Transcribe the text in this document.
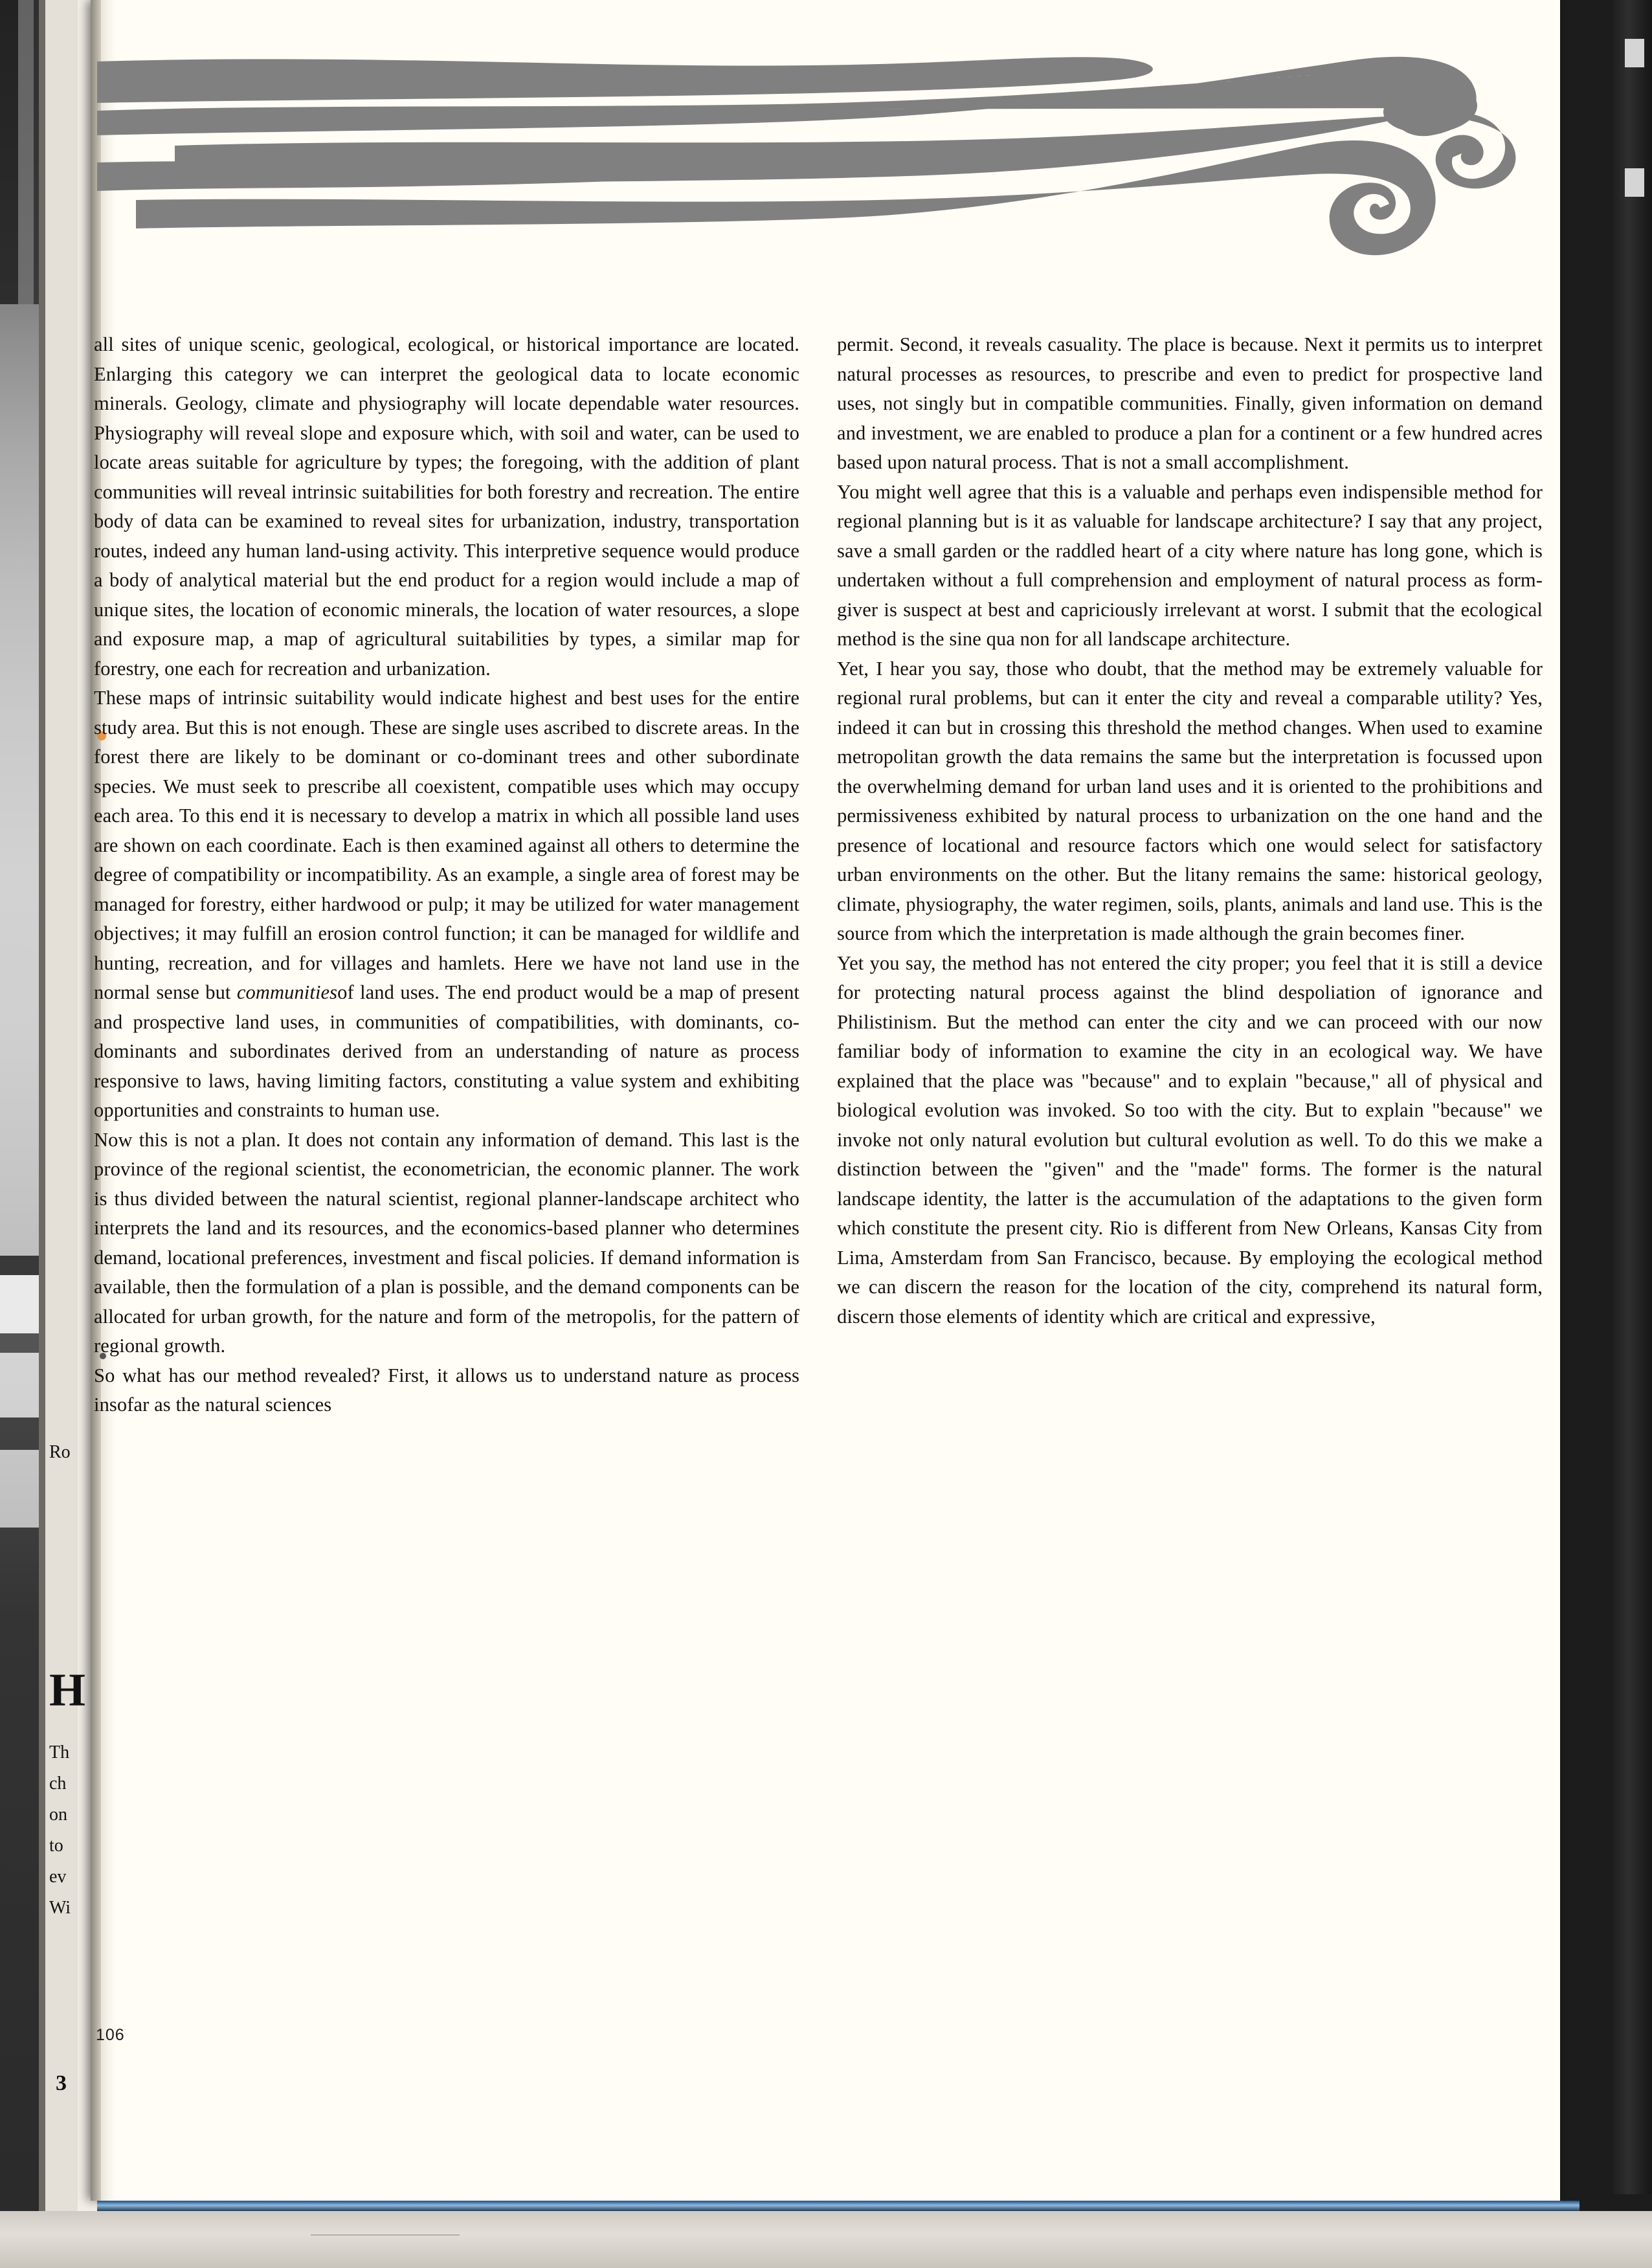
Ro
H
Th
ch
on
to
ev
Wi
3

all sites of unique scenic, geological, ecological, or historical importance are located. Enlarging this category we can interpret the geological data to locate economic minerals. Geology, climate and physiography will locate dependable water resources. Physiography will reveal slope and exposure which, with soil and water, can be used to locate areas suitable for agriculture by types; the foregoing, with the addition of plant communities will reveal intrinsic suitabilities for both forestry and recreation. The entire body of data can be examined to reveal sites for urbanization, industry, transportation routes, indeed any human land-using activity. This interpretive sequence would produce a body of analytical material but the end product for a region would include a map of unique sites, the location of economic minerals, the location of water resources, a slope and exposure map, a map of agricultural suitabilities by types, a similar map for forestry, one each for recreation and urbanization.

These maps of intrinsic suitability would indicate highest and best uses for the entire study area. But this is not enough. These are single uses ascribed to discrete areas. In the forest there are likely to be dominant or co-dominant trees and other subordinate species. We must seek to prescribe all coexistent, compatible uses which may occupy each area. To this end it is necessary to develop a matrix in which all possible land uses are shown on each coordinate. Each is then examined against all others to determine the degree of compatibility or incompatibility. As an example, a single area of forest may be managed for forestry, either hardwood or pulp; it may be utilized for water management objectives; it may fulfill an erosion control function; it can be managed for wildlife and hunting, recreation, and for villages and hamlets. Here we have not land use in the normal sense but communitiesof land uses. The end product would be a map of present and prospective land uses, in communities of compatibilities, with dominants, co-dominants and subordinates derived from an understanding of nature as process responsive to laws, having limiting factors, constituting a value system and exhibiting opportunities and constraints to human use.

Now this is not a plan. It does not contain any information of demand. This last is the province of the regional scientist, the econometrician, the economic planner. The work is thus divided between the natural scientist, regional planner-landscape architect who interprets the land and its resources, and the economics-based planner who determines demand, locational preferences, investment and fiscal policies. If demand information is available, then the formulation of a plan is possible, and the demand components can be allocated for urban growth, for the nature and form of the metropolis, for the pattern of regional growth.

So what has our method revealed? First, it allows us to understand nature as process insofar as the natural sciences

permit. Second, it reveals casuality. The place is because. Next it permits us to interpret natural processes as resources, to prescribe and even to predict for prospective land uses, not singly but in compatible communities. Finally, given information on demand and investment, we are enabled to produce a plan for a continent or a few hundred acres based upon natural process. That is not a small accomplishment.

You might well agree that this is a valuable and perhaps even indispensible method for regional planning but is it as valuable for landscape architecture? I say that any project, save a small garden or the raddled heart of a city where nature has long gone, which is undertaken without a full comprehension and employment of natural process as form-giver is suspect at best and capriciously irrelevant at worst. I submit that the ecological method is the sine qua non for all landscape architecture.

Yet, I hear you say, those who doubt, that the method may be extremely valuable for regional rural problems, but can it enter the city and reveal a comparable utility? Yes, indeed it can but in crossing this threshold the method changes. When used to examine metropolitan growth the data remains the same but the interpretation is focussed upon the overwhelming demand for urban land uses and it is oriented to the prohibitions and permissiveness exhibited by natural process to urbanization on the one hand and the presence of locational and resource factors which one would select for satisfactory urban environments on the other. But the litany remains the same: historical geology, climate, physiography, the water regimen, soils, plants, animals and land use. This is the source from which the interpretation is made although the grain becomes finer.

Yet you say, the method has not entered the city proper; you feel that it is still a device for protecting natural process against the blind despoliation of ignorance and Philistinism. But the method can enter the city and we can proceed with our now familiar body of information to examine the city in an ecological way. We have explained that the place was "because" and to explain "because," all of physical and biological evolution was invoked. So too with the city. But to explain "because" we invoke not only natural evolution but cultural evolution as well. To do this we make a distinction between the "given" and the "made" forms. The former is the natural landscape identity, the latter is the accumulation of the adaptations to the given form which constitute the present city. Rio is different from New Orleans, Kansas City from Lima, Amsterdam from San Francisco, because. By employing the ecological method we can discern the reason for the location of the city, comprehend its natural form, discern those elements of identity which are critical and expressive,

106
